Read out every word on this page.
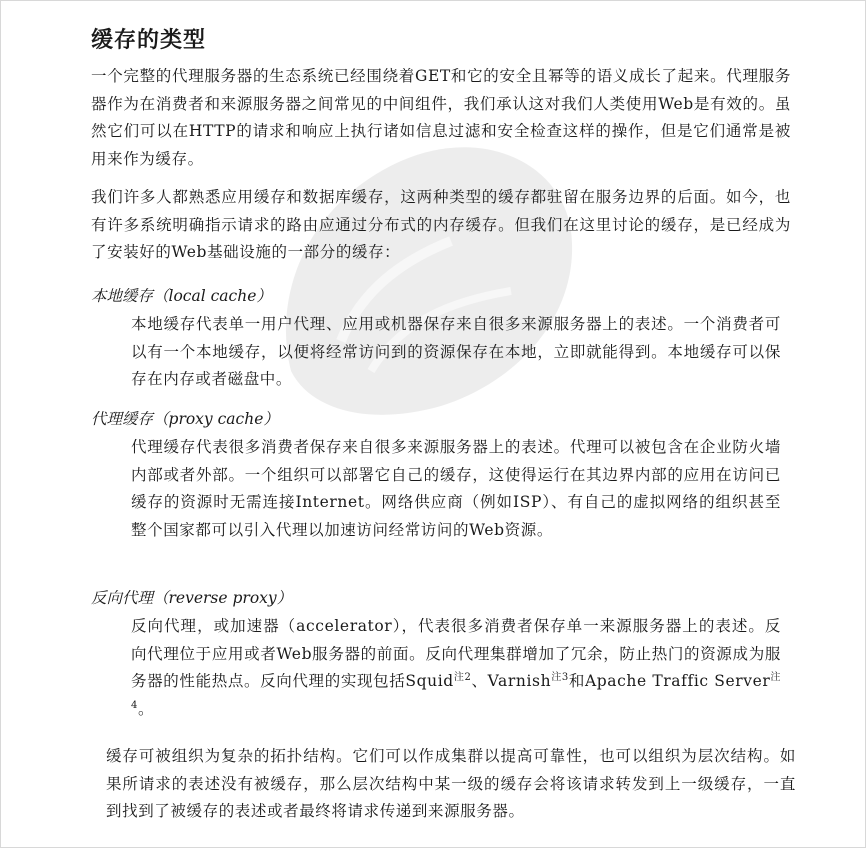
缓存的类型

一个完整的代理服务器的生态系统已经围绕着GET和它的安全且幂等的语义成长了起来。代理服务器作为在消费者和来源服务器之间常见的中间组件，我们承认这对我们人类使用Web是有效的。虽然它们可以在HTTP的请求和响应上执行诸如信息过滤和安全检查这样的操作，但是它们通常是被用来作为缓存。

我们许多人都熟悉应用缓存和数据库缓存，这两种类型的缓存都驻留在服务边界的后面。如今，也有许多系统明确指示请求的路由应通过分布式的内存缓存。但我们在这里讨论的缓存，是已经成为了安装好的Web基础设施的一部分的缓存：

本地缓存（local cache）

本地缓存代表单一用户代理、应用或机器保存来自很多来源服务器上的表述。一个消费者可以有一个本地缓存，以便将经常访问到的资源保存在本地，立即就能得到。本地缓存可以保存在内存或者磁盘中。

代理缓存（proxy cache）

代理缓存代表很多消费者保存来自很多来源服务器上的表述。代理可以被包含在企业防火墙内部或者外部。一个组织可以部署它自己的缓存，这使得运行在其边界内部的应用在访问已缓存的资源时无需连接Internet。网络供应商（例如ISP）、有自己的虚拟网络的组织甚至整个国家都可以引入代理以加速访问经常访问的Web资源。

反向代理（reverse proxy）

反向代理，或加速器（accelerator），代表很多消费者保存单一来源服务器上的表述。反向代理位于应用或者Web服务器的前面。反向代理集群增加了冗余，防止热门的资源成为服务器的性能热点。反向代理的实现包括Squid$^{注2}$、Varnish$^{注3}$和Apache Traffic Server$^{注4}$。

缓存可被组织为复杂的拓扑结构。它们可以作成集群以提高可靠性，也可以组织为层次结构。如果所请求的表述没有被缓存，那么层次结构中某一级的缓存会将该请求转发到上一级缓存，一直到找到了被缓存的表述或者最终将请求传递到来源服务器。
